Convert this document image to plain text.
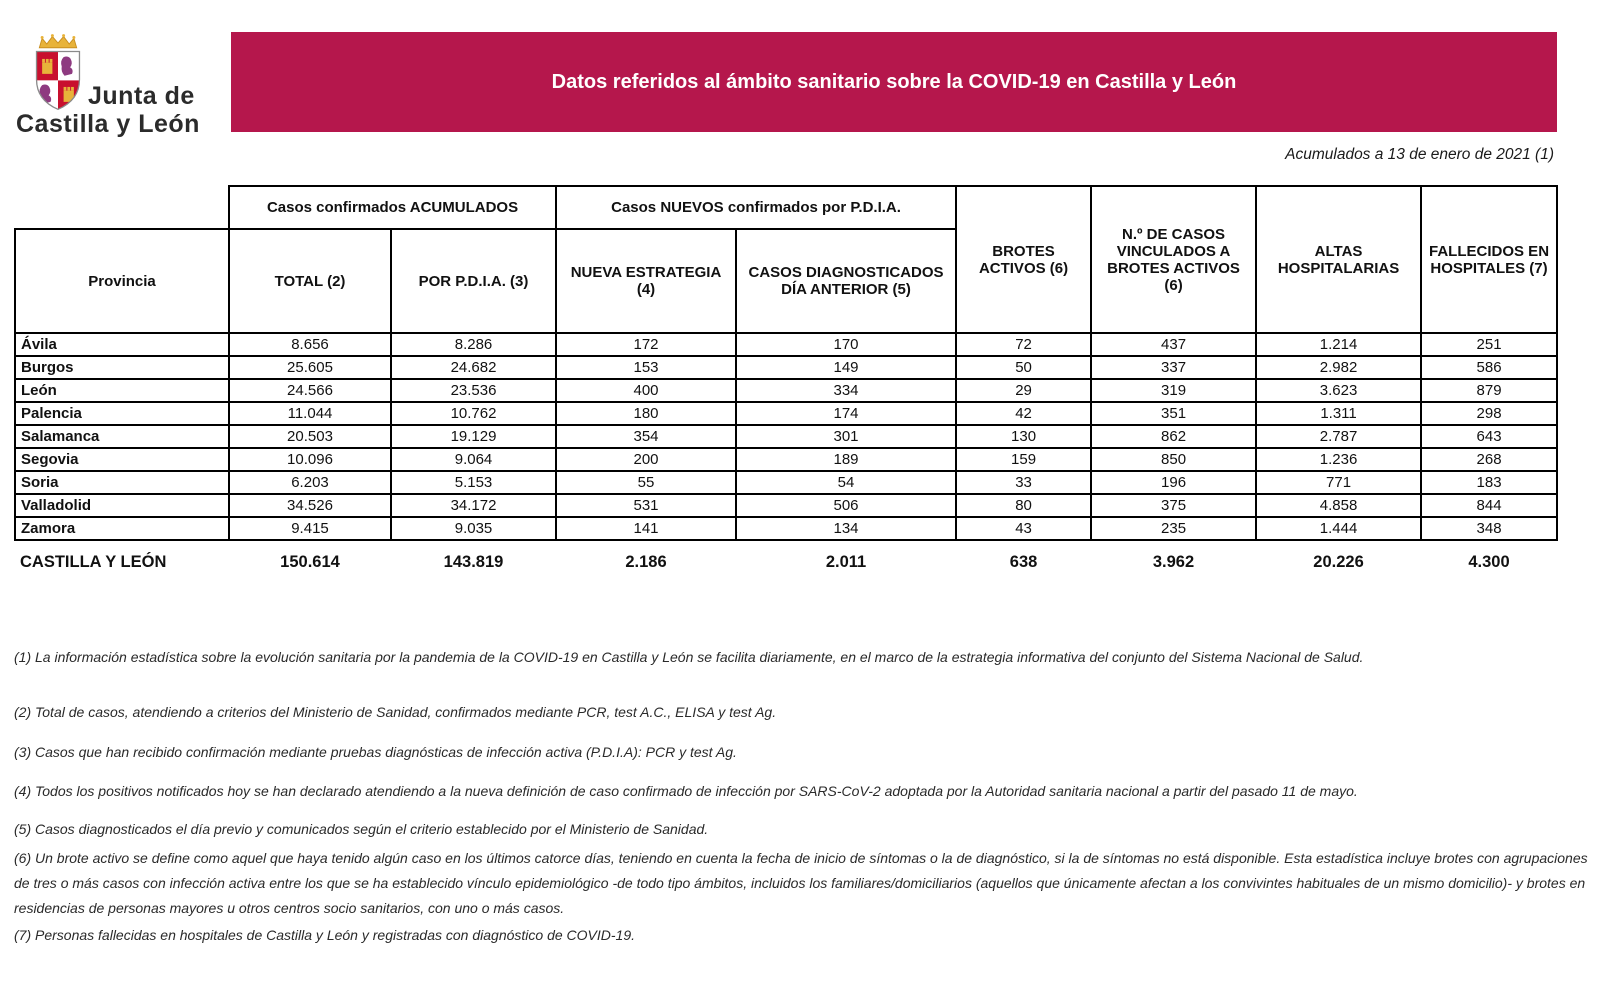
Junta de
Castilla y León
Datos referidos al ámbito sanitario sobre la COVID-19 en Castilla y León
Acumulados a 13 de enero de 2021 (1)
	Casos confirmados ACUMULADOS		Casos NUEVOS confirmados por P.D.I.A.		BROTES ACTIVOS (6)	N.º DE CASOS VINCULADOS A BROTES ACTIVOS (6)	ALTAS HOSPITALARIAS	FALLECIDOS EN HOSPITALES (7)
Provincia	TOTAL (2)	POR P.D.I.A. (3)	NUEVA ESTRATEGIA (4)	CASOS DIAGNOSTICADOS DÍA ANTERIOR (5)				
Ávila	8.656	8.286	172	170	72	437	1.214	251
Burgos	25.605	24.682	153	149	50	337	2.982	586
León	24.566	23.536	400	334	29	319	3.623	879
Palencia	11.044	10.762	180	174	42	351	1.311	298
Salamanca	20.503	19.129	354	301	130	862	2.787	643
Segovia	10.096	9.064	200	189	159	850	1.236	268
Soria	6.203	5.153	55	54	33	196	771	183
Valladolid	34.526	34.172	531	506	80	375	4.858	844
Zamora	9.415	9.035	141	134	43	235	1.444	348
CASTILLA Y LEÓN	150.614	143.819	2.186	2.011	638	3.962	20.226	4.300

(1) La información estadística sobre la evolución sanitaria por la pandemia de la COVID-19 en Castilla y León se facilita diariamente, en el marco de la estrategia informativa del conjunto del Sistema Nacional de Salud.

(2) Total de casos, atendiendo a criterios del Ministerio de Sanidad, confirmados mediante PCR, test A.C., ELISA y test Ag.

(3) Casos que han recibido confirmación mediante pruebas diagnósticas de infección activa (P.D.I.A): PCR y test Ag.

(4) Todos los positivos notificados hoy se han declarado atendiendo a la nueva definición de caso confirmado de infección por SARS-CoV-2 adoptada por la Autoridad sanitaria nacional a partir del pasado 11 de mayo.

(5) Casos diagnosticados el día previo y comunicados según el criterio establecido por el Ministerio de Sanidad.

(6) Un brote activo se define como aquel que haya tenido algún caso en los últimos catorce días, teniendo en cuenta la fecha de inicio de síntomas o la de diagnóstico, si la de síntomas no está disponible. Esta estadística incluye brotes con agrupaciones de tres o más casos con infección activa entre los que se ha establecido vínculo epidemiológico -de todo tipo ámbitos, incluidos los familiares/domiciliarios (aquellos que únicamente afectan a los convivintes habituales de un mismo domicilio)- y brotes en residencias de personas mayores u otros centros socio sanitarios, con uno o más casos.

(7) Personas fallecidas en hospitales de Castilla y León y registradas con diagnóstico de COVID-19.
